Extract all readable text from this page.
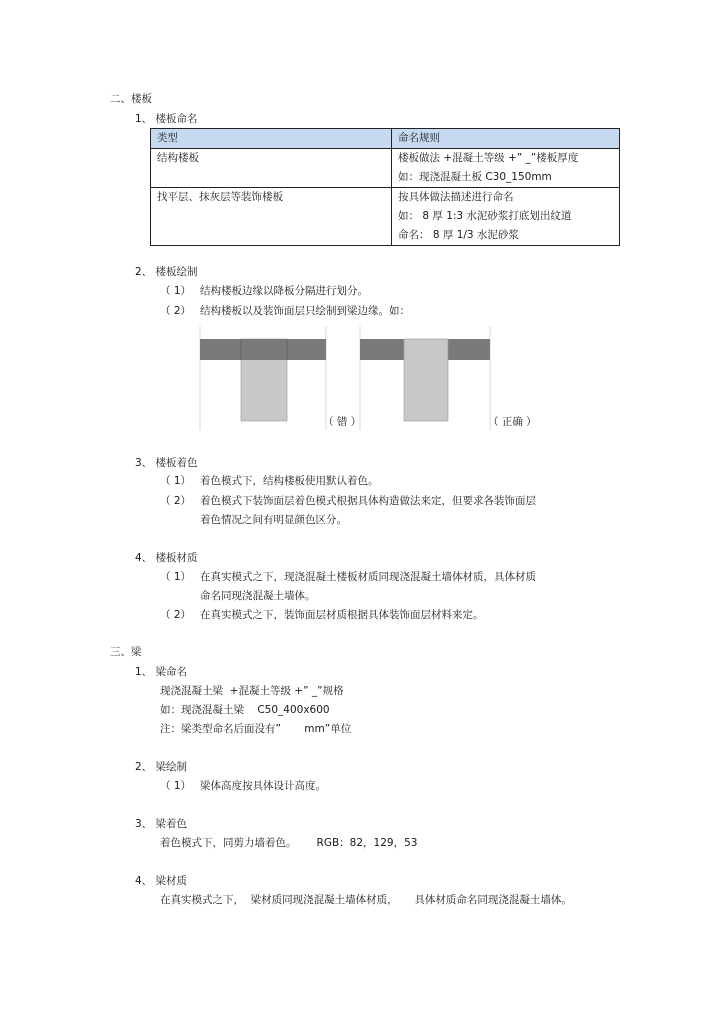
二、楼板
1、 楼板命名
类型	命名规则
结构楼板	楼板做法 +混凝土等级 +” _”楼板厚度
如：现浇混凝土板 C30_150mm

找平层、抹灰层等装饰楼板	按具体做法描述进行命名
如： 8 厚 1:3 水泥砂浆打底划出纹道
命名： 8 厚 1/3 水泥砂浆
2、 楼板绘制
（ 1） 结构楼板边缘以降板分隔进行划分。
（ 2） 结构楼板以及装饰面层只绘制到梁边缘。如：
（ 错 ）	（ 正确 ）
3、 楼板着色
（ 1） 着色模式下，结构楼板使用默认着色。
（ 2） 着色模式下装饰面层着色模式根据具体构造做法来定，但要求各装饰面层
着色情况之间有明显颜色区分。
4、 楼板材质
（ 1） 在真实模式之下，现浇混凝土楼板材质同现浇混凝土墙体材质，具体材质
命名同现浇混凝土墙体。
（ 2） 在真实模式之下，装饰面层材质根据具体装饰面层材料来定。
三、梁
1、 梁命名
现浇混凝土梁  +混凝土等级 +” _”规格
如：现浇混凝土梁    C50_400x600
注：梁类型命名后面没有”       mm”单位
2、 梁绘制
（ 1） 梁体高度按具体设计高度。
3、 梁着色
着色模式下，同剪力墙着色。      RGB：82，129，53
4、 梁材质
在真实模式之下，  梁材质同现浇混凝土墙体材质，     具体材质命名同现浇混凝土墙体。
